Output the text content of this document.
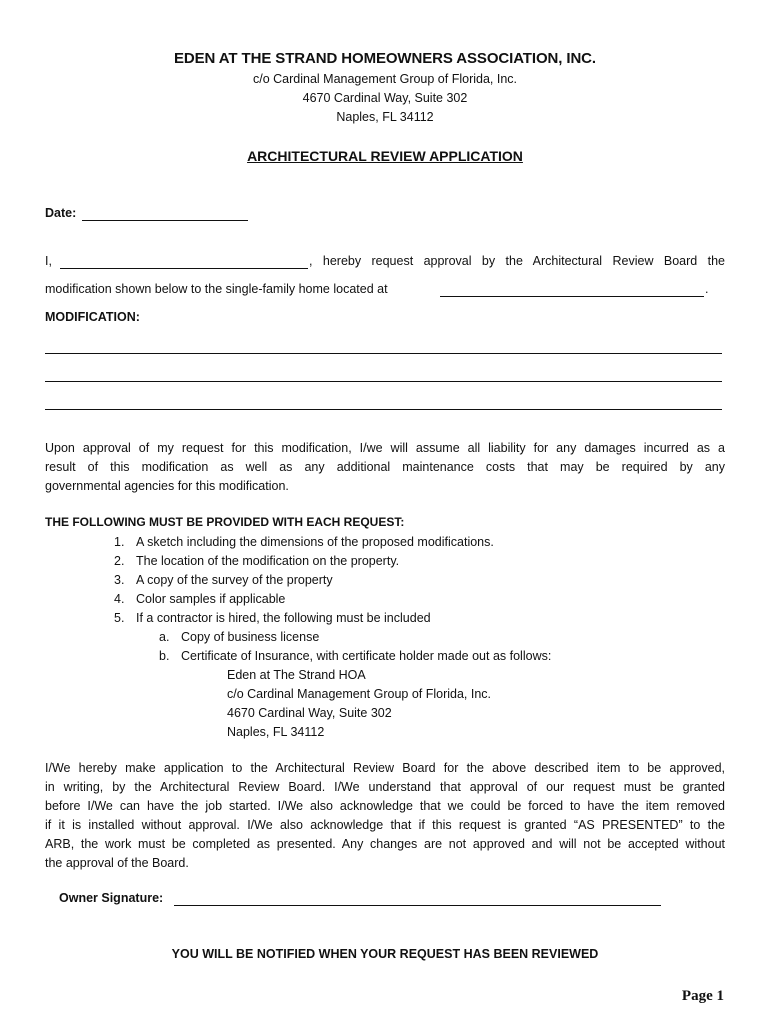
EDEN AT THE STRAND HOMEOWNERS ASSOCIATION, INC.
c/o Cardinal Management Group of Florida, Inc.
4670 Cardinal Way, Suite 302
Naples, FL 34112
ARCHITECTURAL REVIEW APPLICATION
Date:
I,	, hereby request approval by the Architectural Review Board the
modification shown below to the single-family home located at	.
MODIFICATION:
Upon approval of my request for this modification, I/we will assume all liability for any damages incurred as a
result of this modification as well as any additional maintenance costs that may be required by any
governmental agencies for this modification.
THE FOLLOWING MUST BE PROVIDED WITH EACH REQUEST:
1. A sketch including the dimensions of the proposed modifications.
2. The location of the modification on the property.
3. A copy of the survey of the property
4. Color samples if applicable
5. If a contractor is hired, the following must be included
a. Copy of business license
b. Certificate of Insurance, with certificate holder made out as follows:
Eden at The Strand HOA
c/o Cardinal Management Group of Florida, Inc.
4670 Cardinal Way, Suite 302
Naples, FL 34112
I/We hereby make application to the Architectural Review Board for the above described item to be approved,
in writing, by the Architectural Review Board. I/We understand that approval of our request must be granted
before I/We can have the job started. I/We also acknowledge that we could be forced to have the item removed
if it is installed without approval. I/We also acknowledge that if this request is granted “AS PRESENTED” to the
ARB, the work must be completed as presented. Any changes are not approved and will not be accepted without
the approval of the Board.
Owner Signature:
YOU WILL BE NOTIFIED WHEN YOUR REQUEST HAS BEEN REVIEWED
Page 1
